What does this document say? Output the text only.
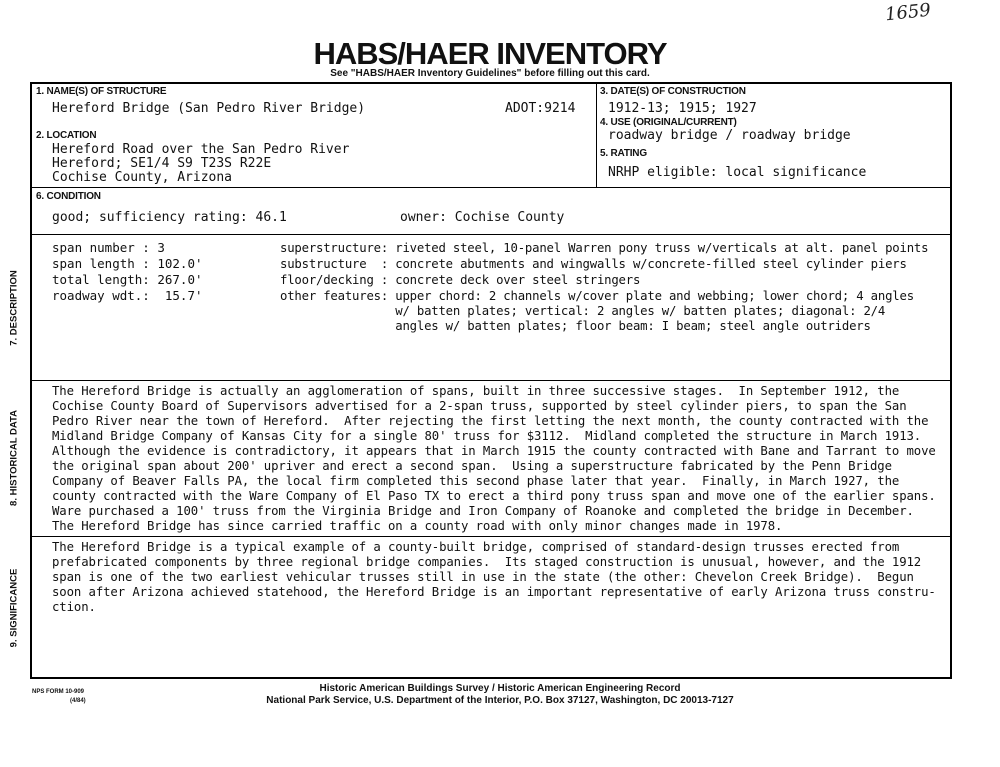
1659
HABS/HAER INVENTORY
See "HABS/HAER Inventory Guidelines" before filling out this card.
1. NAME(S) OF STRUCTURE
Hereford Bridge (San Pedro River Bridge)	ADOT:9214
2. LOCATION
Hereford Road over the San Pedro River
Hereford; SE1/4 S9 T23S R22E
Cochise County, Arizona
3. DATE(S) OF CONSTRUCTION
1912-13; 1915; 1927
4. USE (ORIGINAL/CURRENT)
roadway bridge / roadway bridge
5. RATING
NRHP eligible: local significance
6. CONDITION
good; sufficiency rating: 46.1	owner: Cochise County
7. DESCRIPTION
span number : 3
span length : 102.0'
total length: 267.0'
roadway wdt.:  15.7'
superstructure: riveted steel, 10-panel Warren pony truss w/verticals at alt. panel points
substructure  : concrete abutments and wingwalls w/concrete-filled steel cylinder piers
floor/decking : concrete deck over steel stringers
other features: upper chord: 2 channels w/cover plate and webbing; lower chord; 4 angles
w/ batten plates; vertical: 2 angles w/ batten plates; diagonal: 2/4
angles w/ batten plates; floor beam: I beam; steel angle outriders
8. HISTORICAL DATA
The Hereford Bridge is actually an agglomeration of spans, built in three successive stages.  In September 1912, the
Cochise County Board of Supervisors advertised for a 2-span truss, supported by steel cylinder piers, to span the San
Pedro River near the town of Hereford.  After rejecting the first letting the next month, the county contracted with the
Midland Bridge Company of Kansas City for a single 80' truss for $3112.  Midland completed the structure in March 1913.
Although the evidence is contradictory, it appears that in March 1915 the county contracted with Bane and Tarrant to move
the original span about 200' upriver and erect a second span.  Using a superstructure fabricated by the Penn Bridge
Company of Beaver Falls PA, the local firm completed this second phase later that year.  Finally, in March 1927, the
county contracted with the Ware Company of El Paso TX to erect a third pony truss span and move one of the earlier spans.
Ware purchased a 100' truss from the Virginia Bridge and Iron Company of Roanoke and completed the bridge in December.
The Hereford Bridge has since carried traffic on a county road with only minor changes made in 1978.
9. SIGNIFICANCE
The Hereford Bridge is a typical example of a county-built bridge, comprised of standard-design trusses erected from
prefabricated components by three regional bridge companies.  Its staged construction is unusual, however, and the 1912
span is one of the two earliest vehicular trusses still in use in the state (the other: Chevelon Creek Bridge).  Begun
soon after Arizona achieved statehood, the Hereford Bridge is an important representative of early Arizona truss constru-
ction.
NPS FORM 10-909
(4/84)
Historic American Buildings Survey / Historic American Engineering Record
National Park Service, U.S. Department of the Interior, P.O. Box 37127, Washington, DC 20013-7127
